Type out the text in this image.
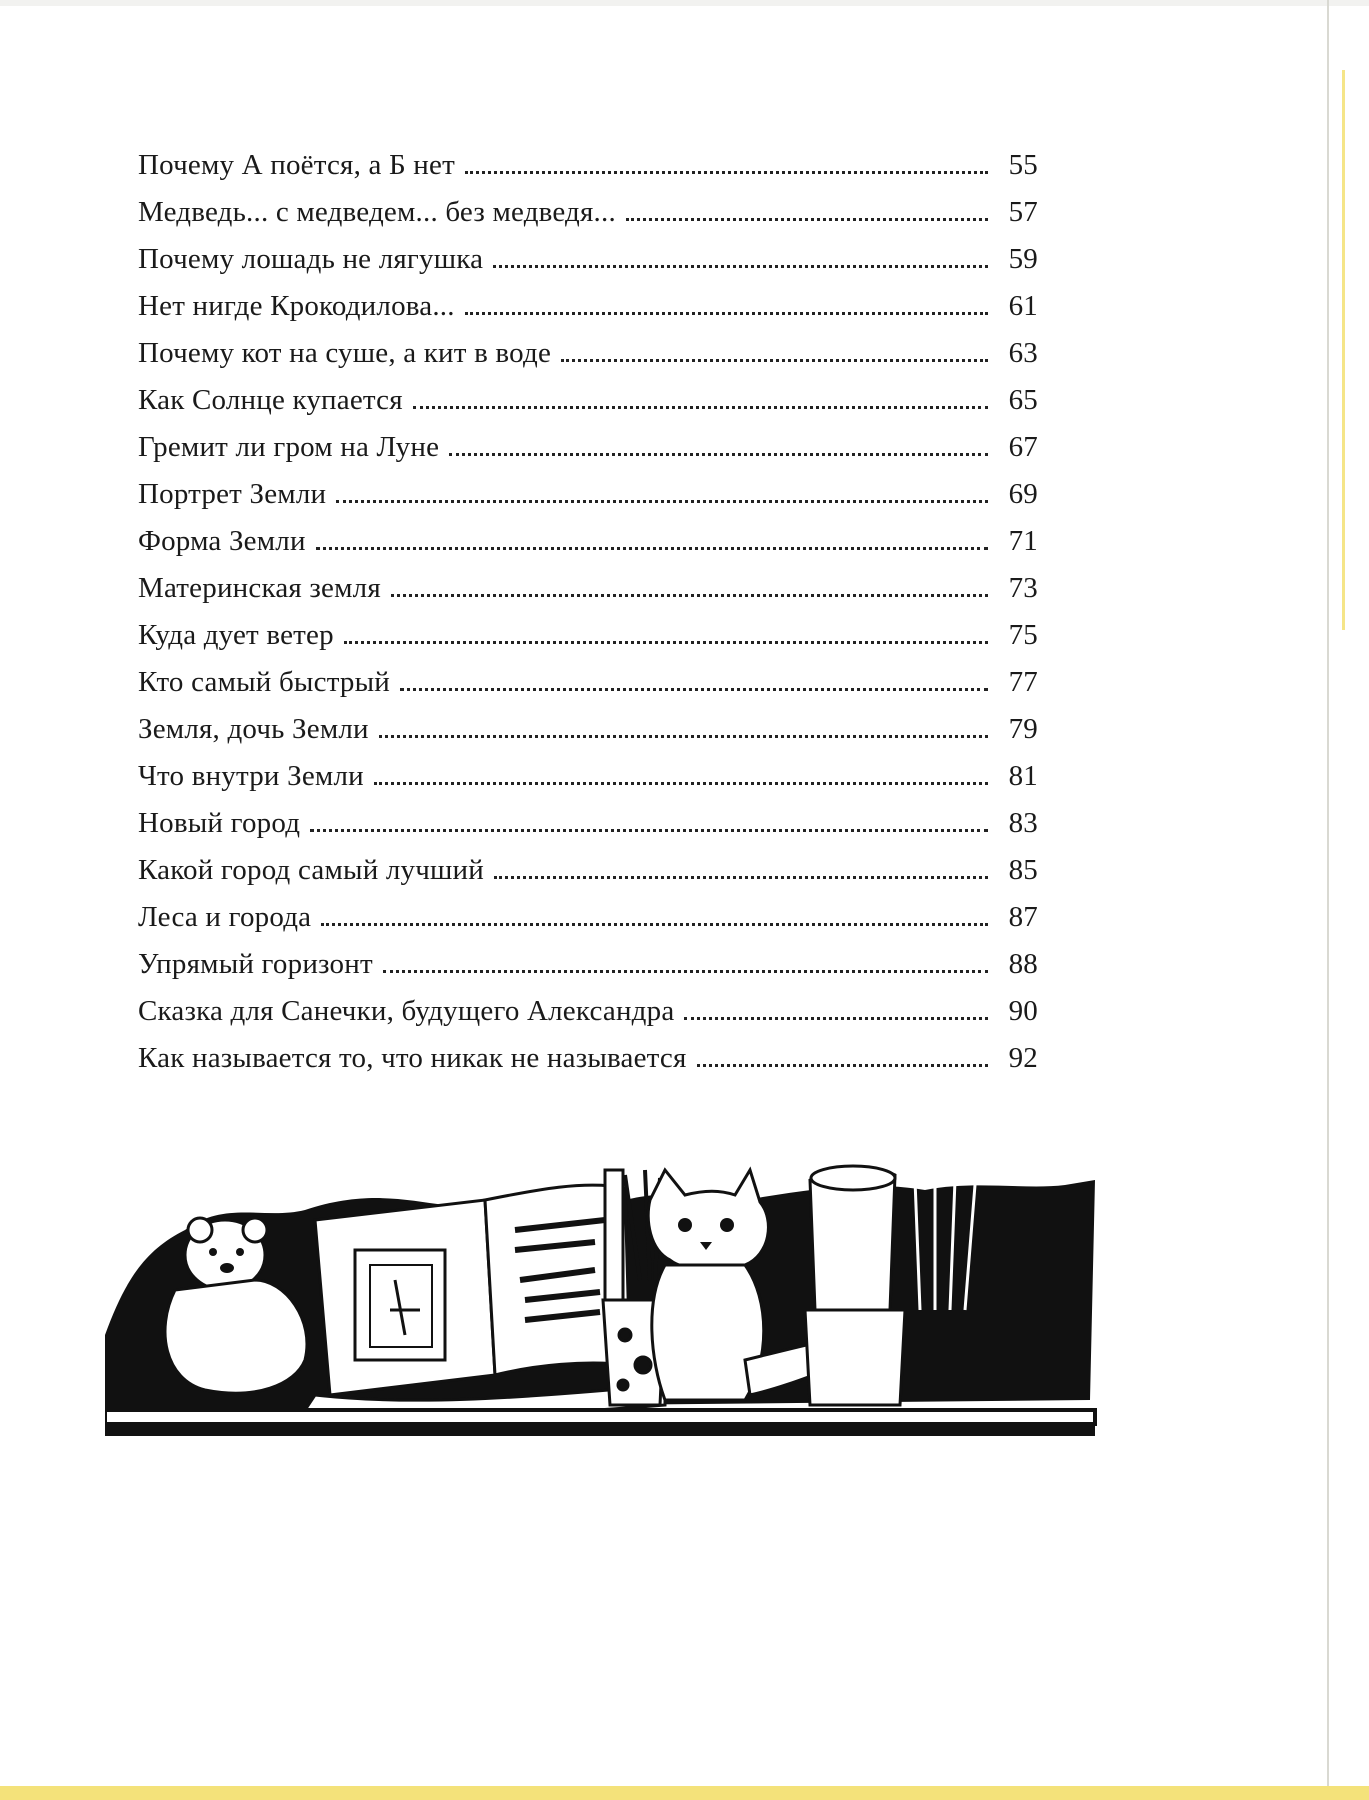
Почему А поётся, а Б нет	55
Медведь... с медведем... без медведя...	57
Почему лошадь не лягушка	59
Нет нигде Крокодилова...	61
Почему кот на суше, а кит в воде	63
Как Солнце купается	65
Гремит ли гром на Луне	67
Портрет Земли	69
Форма Земли	71
Материнская земля	73
Куда дует ветер	75
Кто самый быстрый	77
Земля, дочь Земли	79
Что внутри Земли	81
Новый город	83
Какой город самый лучший	85
Леса и города	87
Упрямый горизонт	88
Сказка для Санечки, будущего Александра	90
Как называется то, что никак не называется	92
